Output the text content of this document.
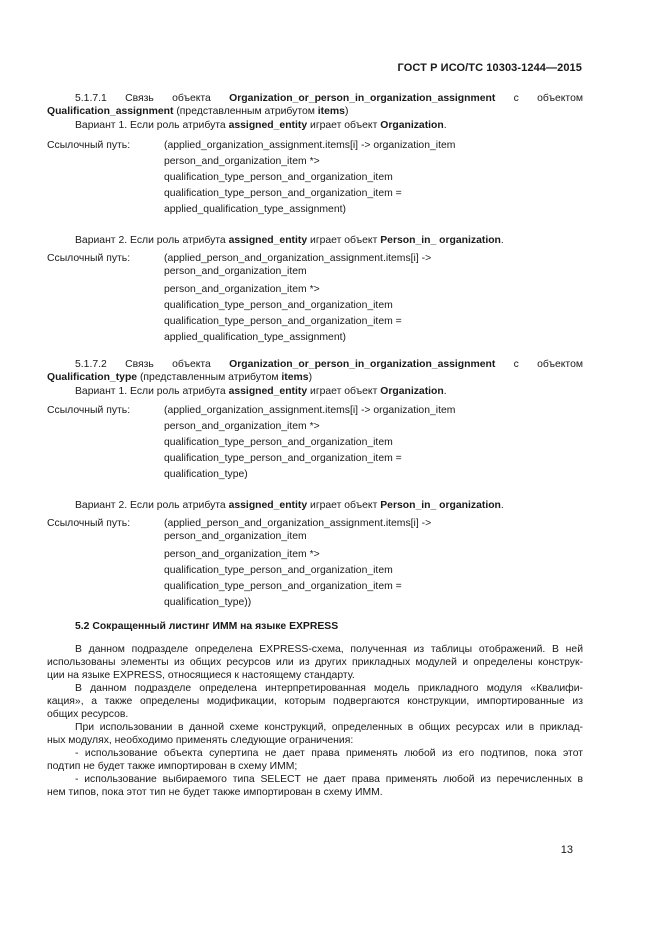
ГОСТ Р ИСО/ТС 10303-1244—2015
5.1.7.1 Связь объекта Organization_or_person_in_organization_assignment с объектом
Qualification_assignment (представленным атрибутом items)
Вариант 1. Если роль атрибута assigned_entity играет объект Organization.
Ссылочный путь:	(applied_organization_assignment.items[i] -> organization_item
person_and_organization_item *>
qualification_type_person_and_organization_item
qualification_type_person_and_organization_item =
applied_qualification_type_assignment)
Вариант 2. Если роль атрибута assigned_entity играет объект Person_in_ organization.
Ссылочный путь:	(applied_person_and_organization_assignment.items[i] ->
person_and_organization_item
person_and_organization_item *>
qualification_type_person_and_organization_item
qualification_type_person_and_organization_item =
applied_qualification_type_assignment)
5.1.7.2 Связь объекта Organization_or_person_in_organization_assignment с объектом
Qualification_type (представленным атрибутом items)
Вариант 1. Если роль атрибута assigned_entity играет объект Organization.
Ссылочный путь:	(applied_organization_assignment.items[i] -> organization_item
person_and_organization_item *>
qualification_type_person_and_organization_item
qualification_type_person_and_organization_item =
qualification_type)
Вариант 2. Если роль атрибута assigned_entity играет объект Person_in_ organization.
Ссылочный путь:	(applied_person_and_organization_assignment.items[i] ->
person_and_organization_item
person_and_organization_item *>
qualification_type_person_and_organization_item
qualification_type_person_and_organization_item =
qualification_type))
5.2 Сокращенный листинг ИММ на языке EXPRESS
В данном подразделе определена EXPRESS-схема, полученная из таблицы отображений. В ней
использованы элементы из общих ресурсов или из других прикладных модулей и определены конструк-
ции на языке EXPRESS, относящиеся к настоящему стандарту.
В данном подразделе определена интерпретированная модель прикладного модуля «Квалифи-
кация», а также определены модификации, которым подвергаются конструкции, импортированные из
общих ресурсов.
При использовании в данной схеме конструкций, определенных в общих ресурсах или в приклад-
ных модулях, необходимо применять следующие ограничения:
- использование объекта супертипа не дает права применять любой из его подтипов, пока этот
подтип не будет также импортирован в схему ИММ;
- использование выбираемого типа SELECT не дает права применять любой из перечисленных в
нем типов, пока этот тип не будет также импортирован в схему ИММ.
13
